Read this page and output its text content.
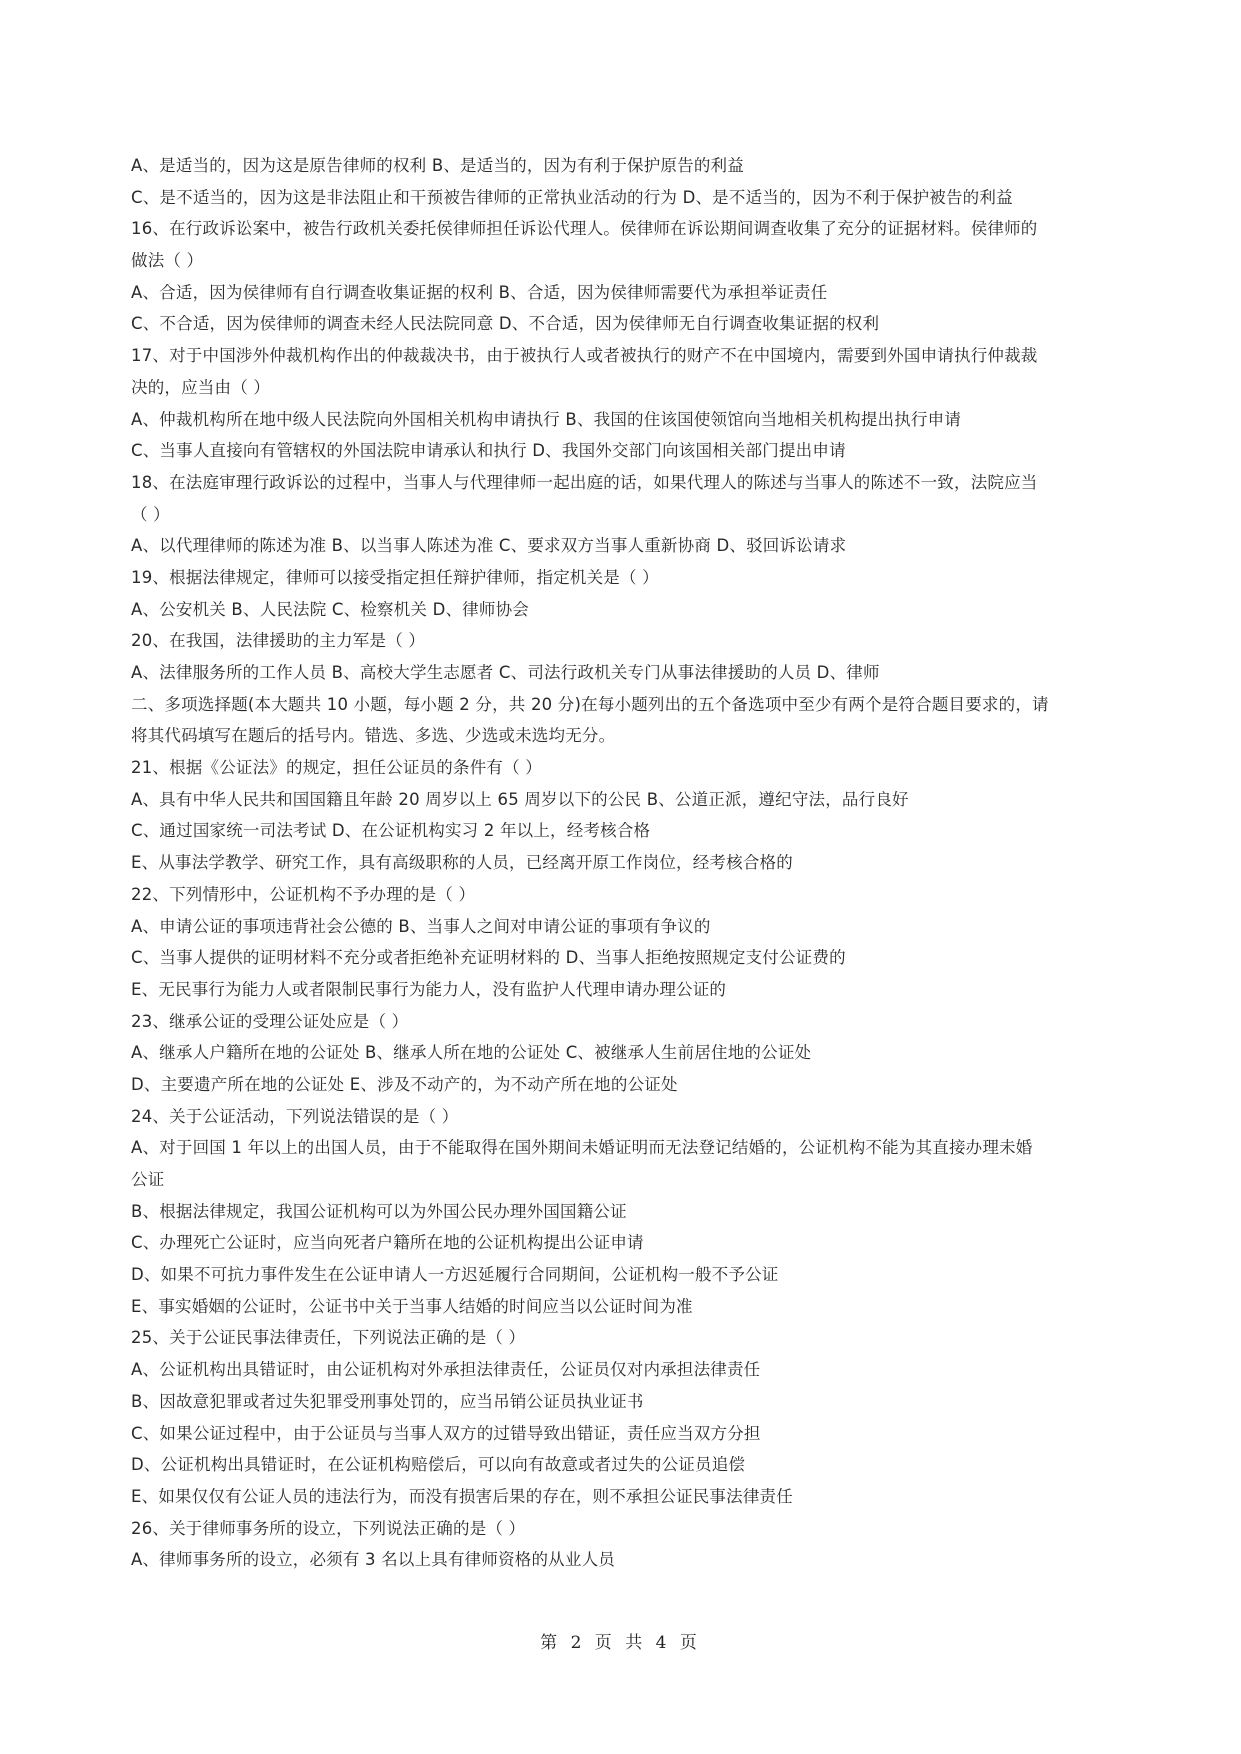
A、是适当的，因为这是原告律师的权利 B、是适当的，因为有利于保护原告的利益
C、是不适当的，因为这是非法阻止和干预被告律师的正常执业活动的行为 D、是不适当的，因为不利于保护被告的利益
16、在行政诉讼案中，被告行政机关委托侯律师担任诉讼代理人。侯律师在诉讼期间调查收集了充分的证据材料。侯律师的
做法（ ）
A、合适，因为侯律师有自行调查收集证据的权利 B、合适，因为侯律师需要代为承担举证责任
C、不合适，因为侯律师的调查未经人民法院同意 D、不合适，因为侯律师无自行调查收集证据的权利
17、对于中国涉外仲裁机构作出的仲裁裁决书，由于被执行人或者被执行的财产不在中国境内，需要到外国申请执行仲裁裁
决的，应当由（ ）
A、仲裁机构所在地中级人民法院向外国相关机构申请执行 B、我国的住该国使领馆向当地相关机构提出执行申请
C、当事人直接向有管辖权的外国法院申请承认和执行 D、我国外交部门向该国相关部门提出申请
18、在法庭审理行政诉讼的过程中，当事人与代理律师一起出庭的话，如果代理人的陈述与当事人的陈述不一致，法院应当
（ ）
A、以代理律师的陈述为准 B、以当事人陈述为准 C、要求双方当事人重新协商 D、驳回诉讼请求
19、根据法律规定，律师可以接受指定担任辩护律师，指定机关是（ ）
A、公安机关 B、人民法院 C、检察机关 D、律师协会
20、在我国，法律援助的主力军是（ ）
A、法律服务所的工作人员 B、高校大学生志愿者 C、司法行政机关专门从事法律援助的人员 D、律师
二、多项选择题(本大题共 10 小题，每小题 2 分，共 20 分)在每小题列出的五个备选项中至少有两个是符合题目要求的，请
将其代码填写在题后的括号内。错选、多选、少选或未选均无分。
21、根据《公证法》的规定，担任公证员的条件有（ ）
A、具有中华人民共和国国籍且年龄 20 周岁以上 65 周岁以下的公民 B、公道正派，遵纪守法，品行良好
C、通过国家统一司法考试 D、在公证机构实习 2 年以上，经考核合格
E、从事法学教学、研究工作，具有高级职称的人员，已经离开原工作岗位，经考核合格的
22、下列情形中，公证机构不予办理的是（ ）
A、申请公证的事项违背社会公德的 B、当事人之间对申请公证的事项有争议的
C、当事人提供的证明材料不充分或者拒绝补充证明材料的 D、当事人拒绝按照规定支付公证费的
E、无民事行为能力人或者限制民事行为能力人，没有监护人代理申请办理公证的
23、继承公证的受理公证处应是（ ）
A、继承人户籍所在地的公证处 B、继承人所在地的公证处 C、被继承人生前居住地的公证处
D、主要遗产所在地的公证处 E、涉及不动产的，为不动产所在地的公证处
24、关于公证活动，下列说法错误的是（ ）
A、对于回国 1 年以上的出国人员，由于不能取得在国外期间未婚证明而无法登记结婚的，公证机构不能为其直接办理未婚
公证
B、根据法律规定，我国公证机构可以为外国公民办理外国国籍公证
C、办理死亡公证时，应当向死者户籍所在地的公证机构提出公证申请
D、如果不可抗力事件发生在公证申请人一方迟延履行合同期间，公证机构一般不予公证
E、事实婚姻的公证时，公证书中关于当事人结婚的时间应当以公证时间为准
25、关于公证民事法律责任，下列说法正确的是（ ）
A、公证机构出具错证时，由公证机构对外承担法律责任，公证员仅对内承担法律责任
B、因故意犯罪或者过失犯罪受刑事处罚的，应当吊销公证员执业证书
C、如果公证过程中，由于公证员与当事人双方的过错导致出错证，责任应当双方分担
D、公证机构出具错证时，在公证机构赔偿后，可以向有故意或者过失的公证员追偿
E、如果仅仅有公证人员的违法行为，而没有损害后果的存在，则不承担公证民事法律责任
26、关于律师事务所的设立，下列说法正确的是（ ）
A、律师事务所的设立，必须有 3 名以上具有律师资格的从业人员
第 2 页 共 4 页
